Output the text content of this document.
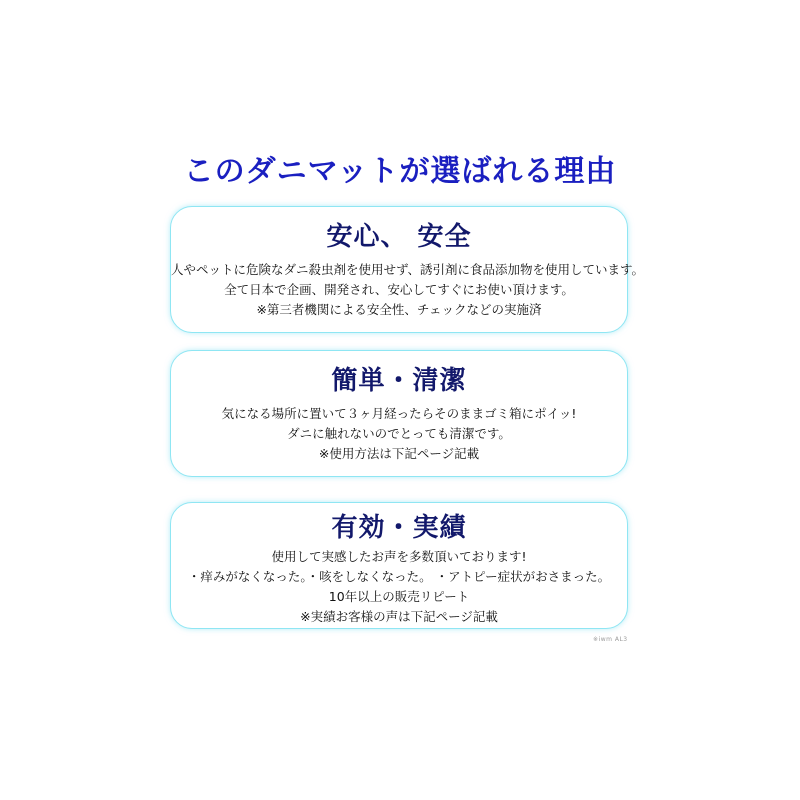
このダニマットが選ばれる理由
安心、 安全
人やペットに危険なダニ殺虫剤を使用せず、誘引剤に食品添加物を使用しています。
全て日本で企画、開発され、安心してすぐにお使い頂けます。
※第三者機関による安全性、チェックなどの実施済
簡単・清潔
気になる場所に置いて３ヶ月経ったらそのままゴミ箱にポイッ!
ダニに触れないのでとっても清潔です。
※使用方法は下記ページ記載
有効・実績
使用して実感したお声を多数頂いております!
・痒みがなくなった。・咳をしなくなった。 ・アトピー症状がおさまった。
10年以上の販売リピート
※実績お客様の声は下記ページ記載
※iwm AL3
